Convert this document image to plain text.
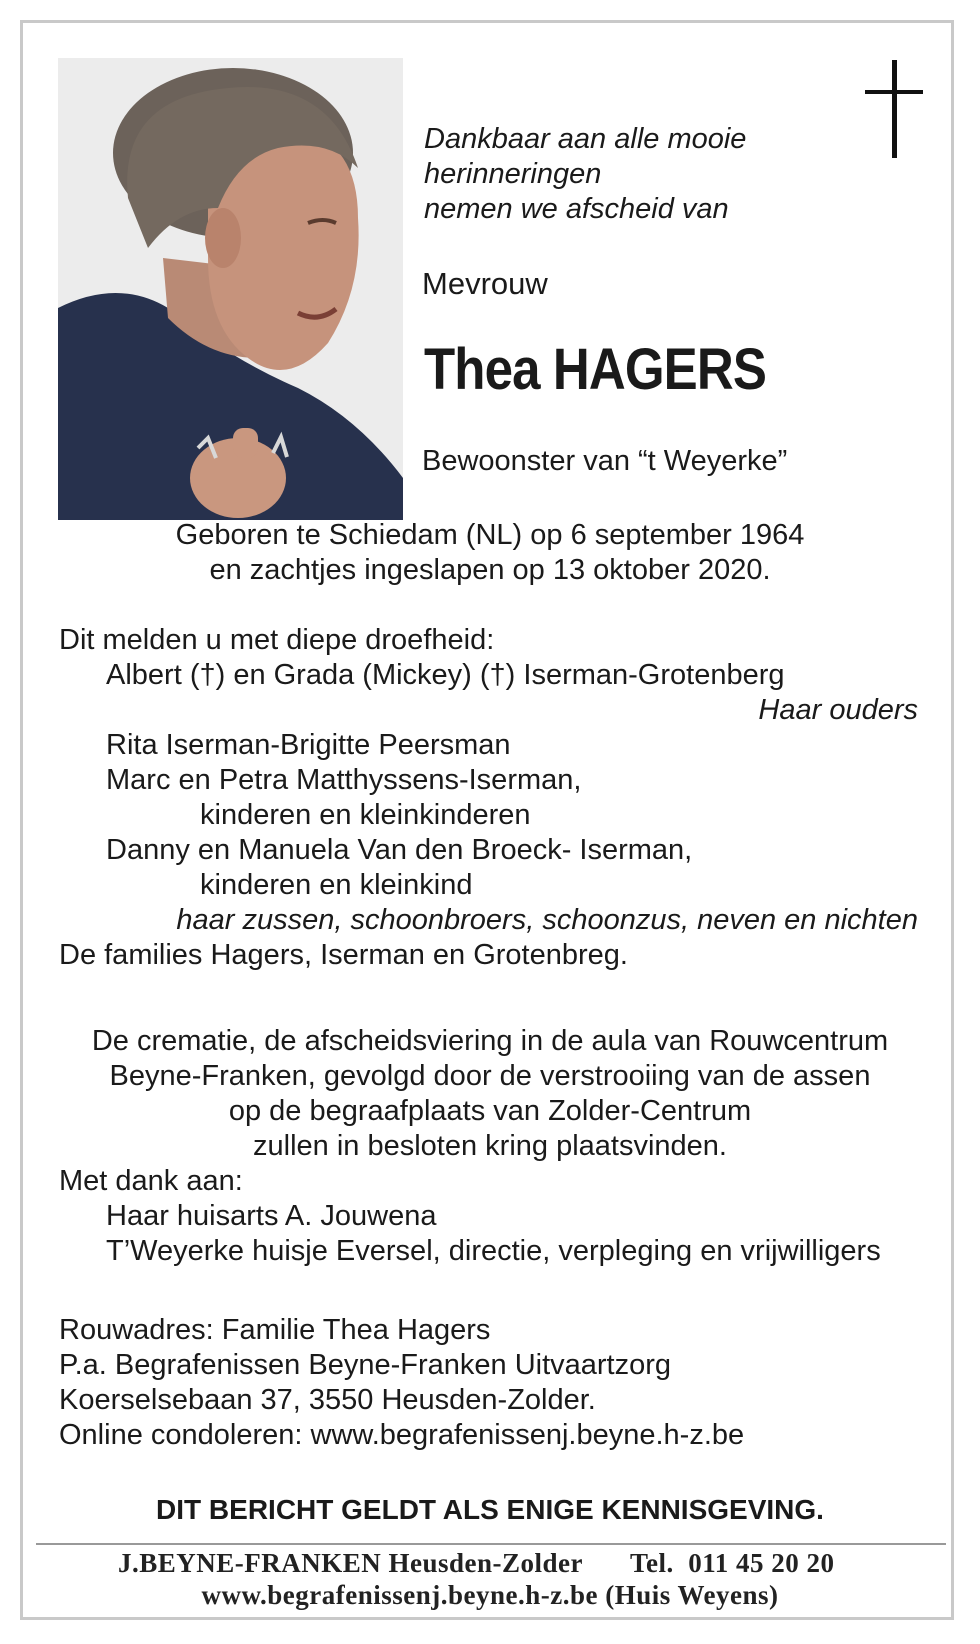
Dankbaar aan alle mooie

herinneringen

nemen we afscheid van

Mevrouw

Thea HAGERS

Bewoonster van “t Weyerke”

Geboren te Schiedam (NL) op 6 september 1964

en zachtjes ingeslapen op 13 oktober 2020.

Dit melden u met diepe droefheid:

Albert (†) en Grada (Mickey) (†) Iserman-Grotenberg

Haar ouders

Rita Iserman-Brigitte Peersman

Marc en Petra Matthyssens-Iserman,

kinderen en kleinkinderen

Danny en Manuela Van den Broeck- Iserman,

kinderen en kleinkind

haar zussen, schoonbroers, schoonzus, neven en nichten

De families Hagers, Iserman en Grotenbreg.

De crematie, de afscheidsviering in de aula van Rouwcentrum

Beyne-Franken, gevolgd door de verstrooiing van de assen

op de begraafplaats van Zolder-Centrum

zullen in besloten kring plaatsvinden.

Met dank aan:

Haar huisarts A. Jouwena

T’Weyerke huisje Eversel, directie, verpleging en vrijwilligers

Rouwadres: Familie Thea Hagers

P.a. Begrafenissen Beyne-Franken Uitvaartzorg

Koerselsebaan 37, 3550 Heusden-Zolder.

Online condoleren: www.begrafenissenj.beyne.h-z.be

DIT BERICHT GELDT ALS ENIGE KENNISGEVING.

J.BEYNE-FRANKEN Heusden-Zolder Tel.  011 45 20 20

www.begrafenissenj.beyne.h-z.be (Huis Weyens)
